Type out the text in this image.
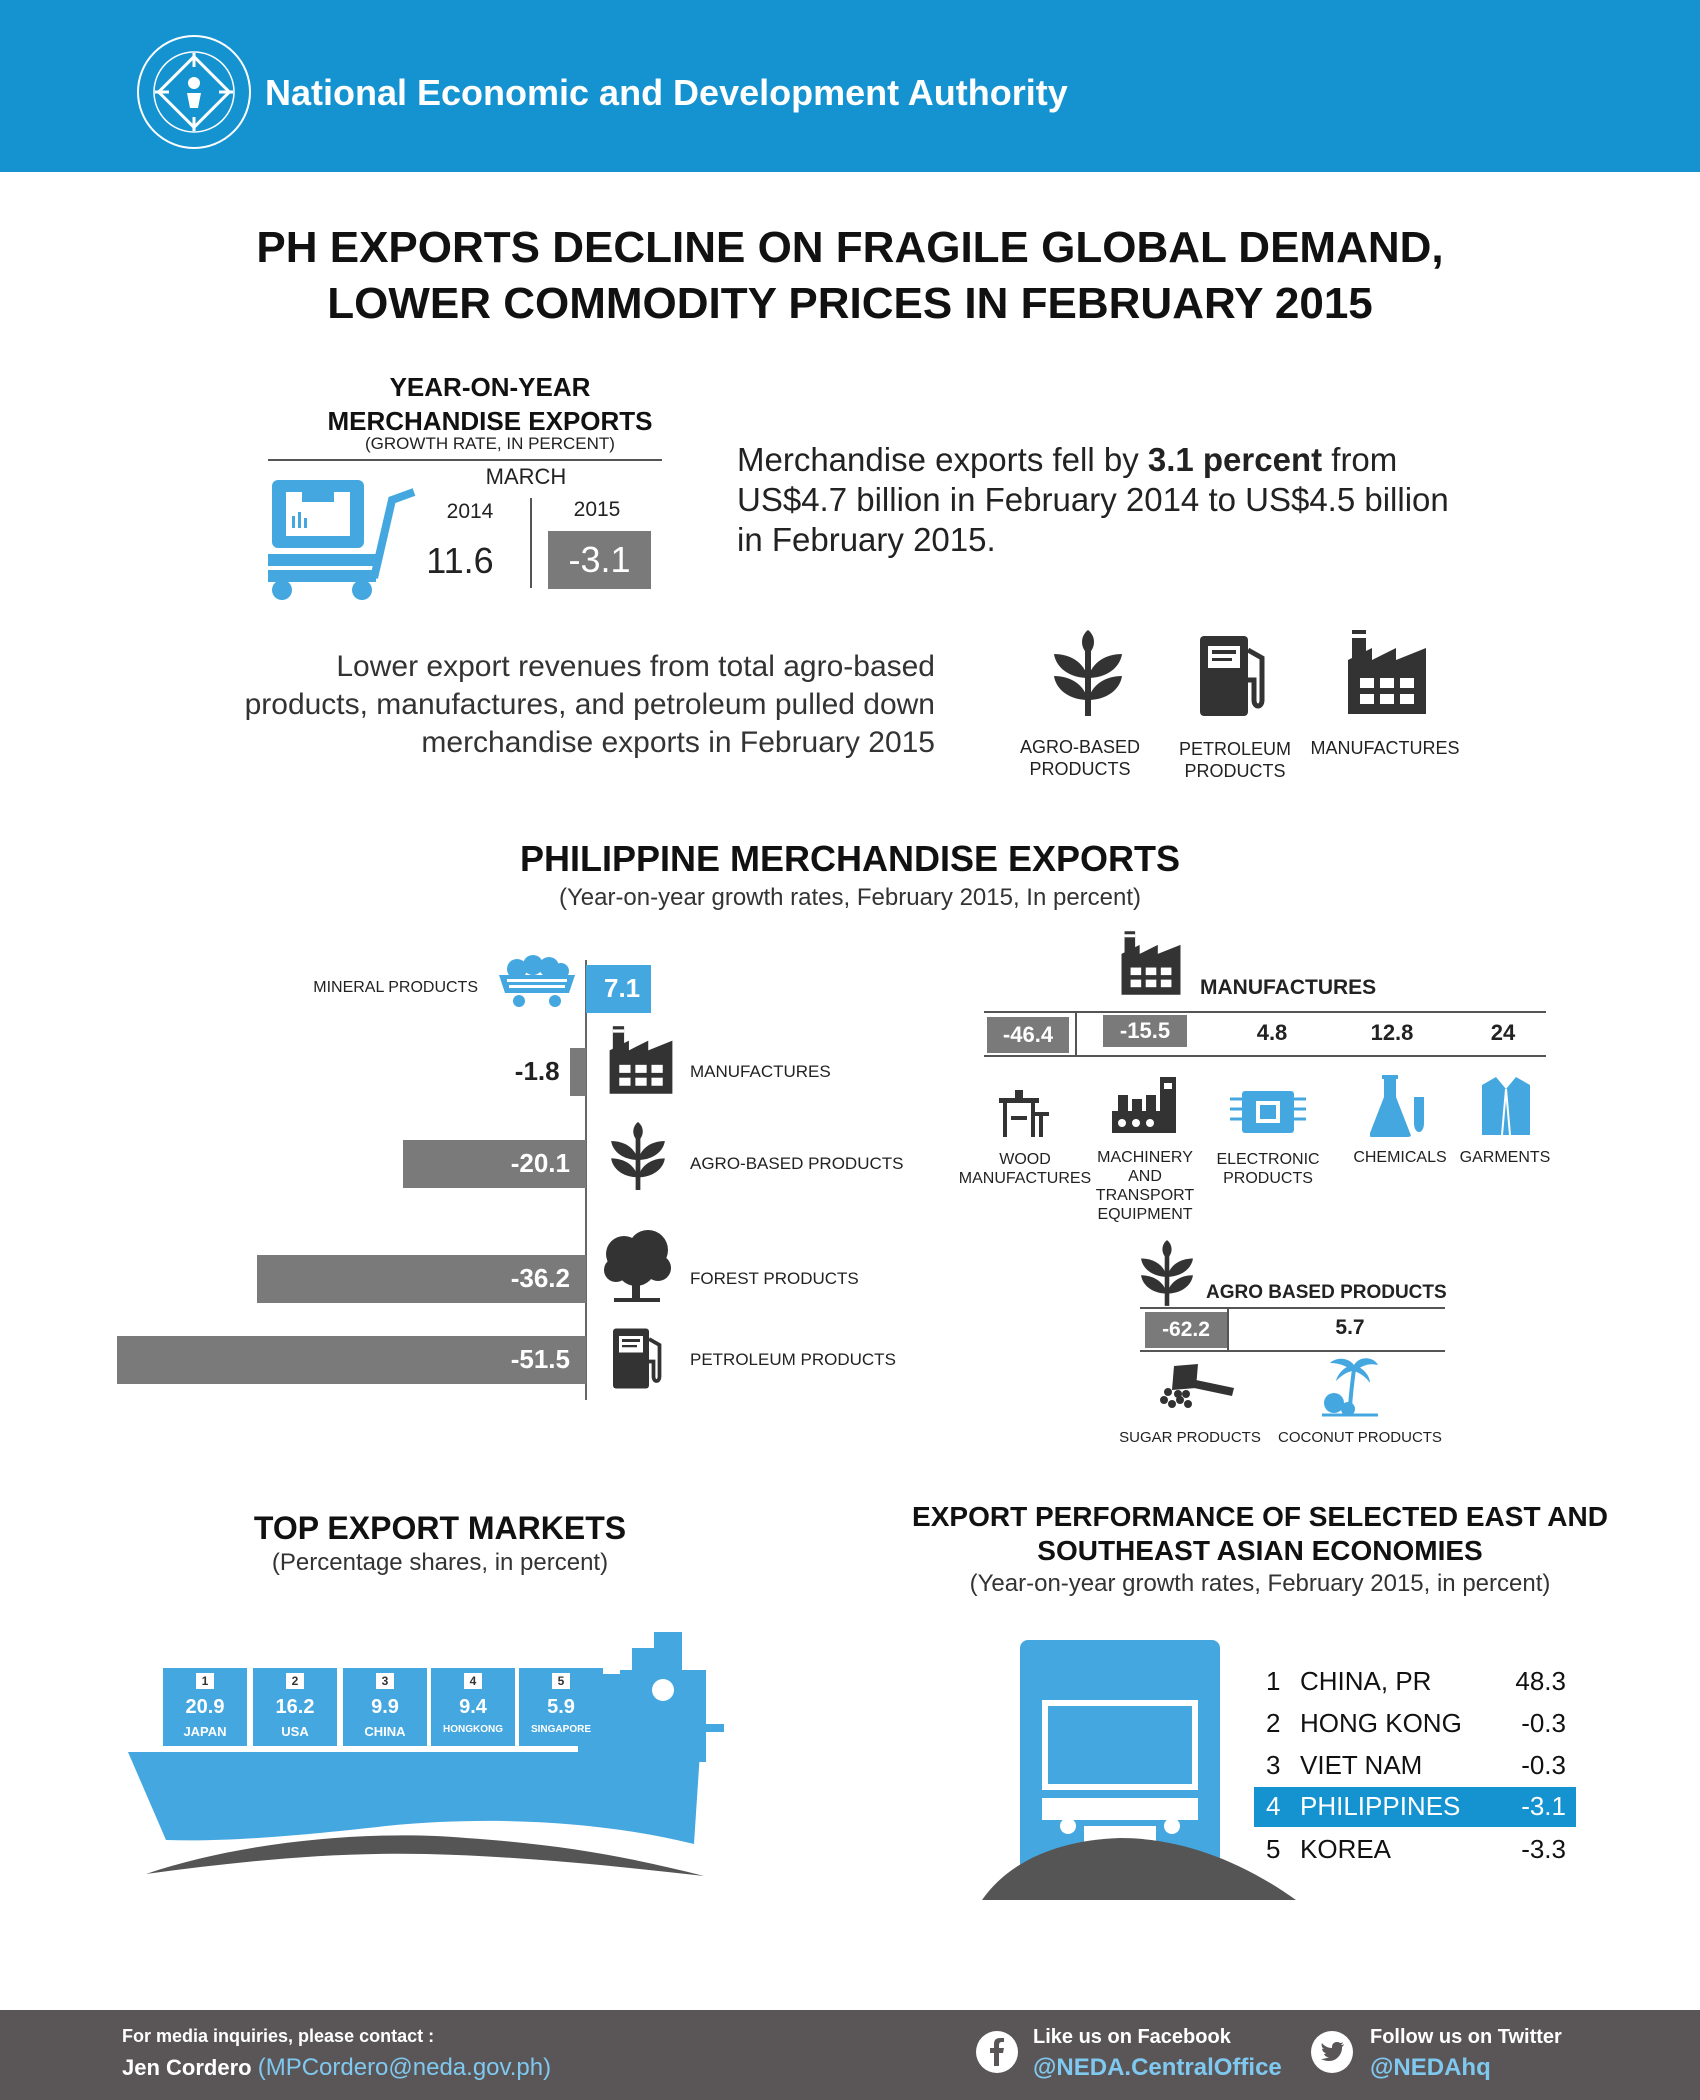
National Economic and Development Authority
PH EXPORTS DECLINE ON FRAGILE GLOBAL DEMAND,
LOWER COMMODITY PRICES IN FEBRUARY 2015
YEAR-ON-YEAR
MERCHANDISE EXPORTS
(GROWTH RATE, IN PERCENT)
MARCH
2014	2015
11.6	-3.1
Merchandise exports fell by 3.1 percent from
US$4.7 billion in February 2014 to US$4.5 billion
in February 2015.
Lower export revenues from total agro-based
products, manufactures, and petroleum pulled down
merchandise exports in February 2015	AGRO-BASED
PRODUCTS
PETROLEUM
PRODUCTS
MANUFACTURES
PHILIPPINE MERCHANDISE EXPORTS
(Year-on-year growth rates, February 2015, In percent)
7.1
MINERAL PRODUCTS
-1.8	MANUFACTURES
-20.1	AGRO-BASED PRODUCTS
-36.2	FOREST PRODUCTS
-51.5	PETROLEUM PRODUCTS
MANUFACTURES
-46.4	-15.5	4.8	12.8	24
WOOD
MANUFACTURES
MACHINERY
AND
TRANSPORT
EQUIPMENT
ELECTRONIC
PRODUCTS
CHEMICALS GARMENTS
AGRO BASED PRODUCTS
-62.2	5.7
SUGAR PRODUCTS	COCONUT PRODUCTS
TOP EXPORT MARKETS
(Percentage shares, in percent)
1
20.9
JAPAN
2
16.2
USA
3
9.9
CHINA
4
9.4
HONGKONG
5
5.9
SINGAPORE
EXPORT PERFORMANCE OF SELECTED EAST AND
SOUTHEAST ASIAN ECONOMIES
(Year-on-year growth rates, February 2015, in percent)
1 CHINA, PR	48.3
2 HONG KONG	-0.3
3 VIET NAM	-0.3
4 PHILIPPINES	-3.1
5 KOREA	-3.3
For media inquiries, please contact :
Jen Cordero (MPCordero@neda.gov.ph)
Like us on Facebook
@NEDA.CentralOffice
Follow us on Twitter
@NEDAhq
